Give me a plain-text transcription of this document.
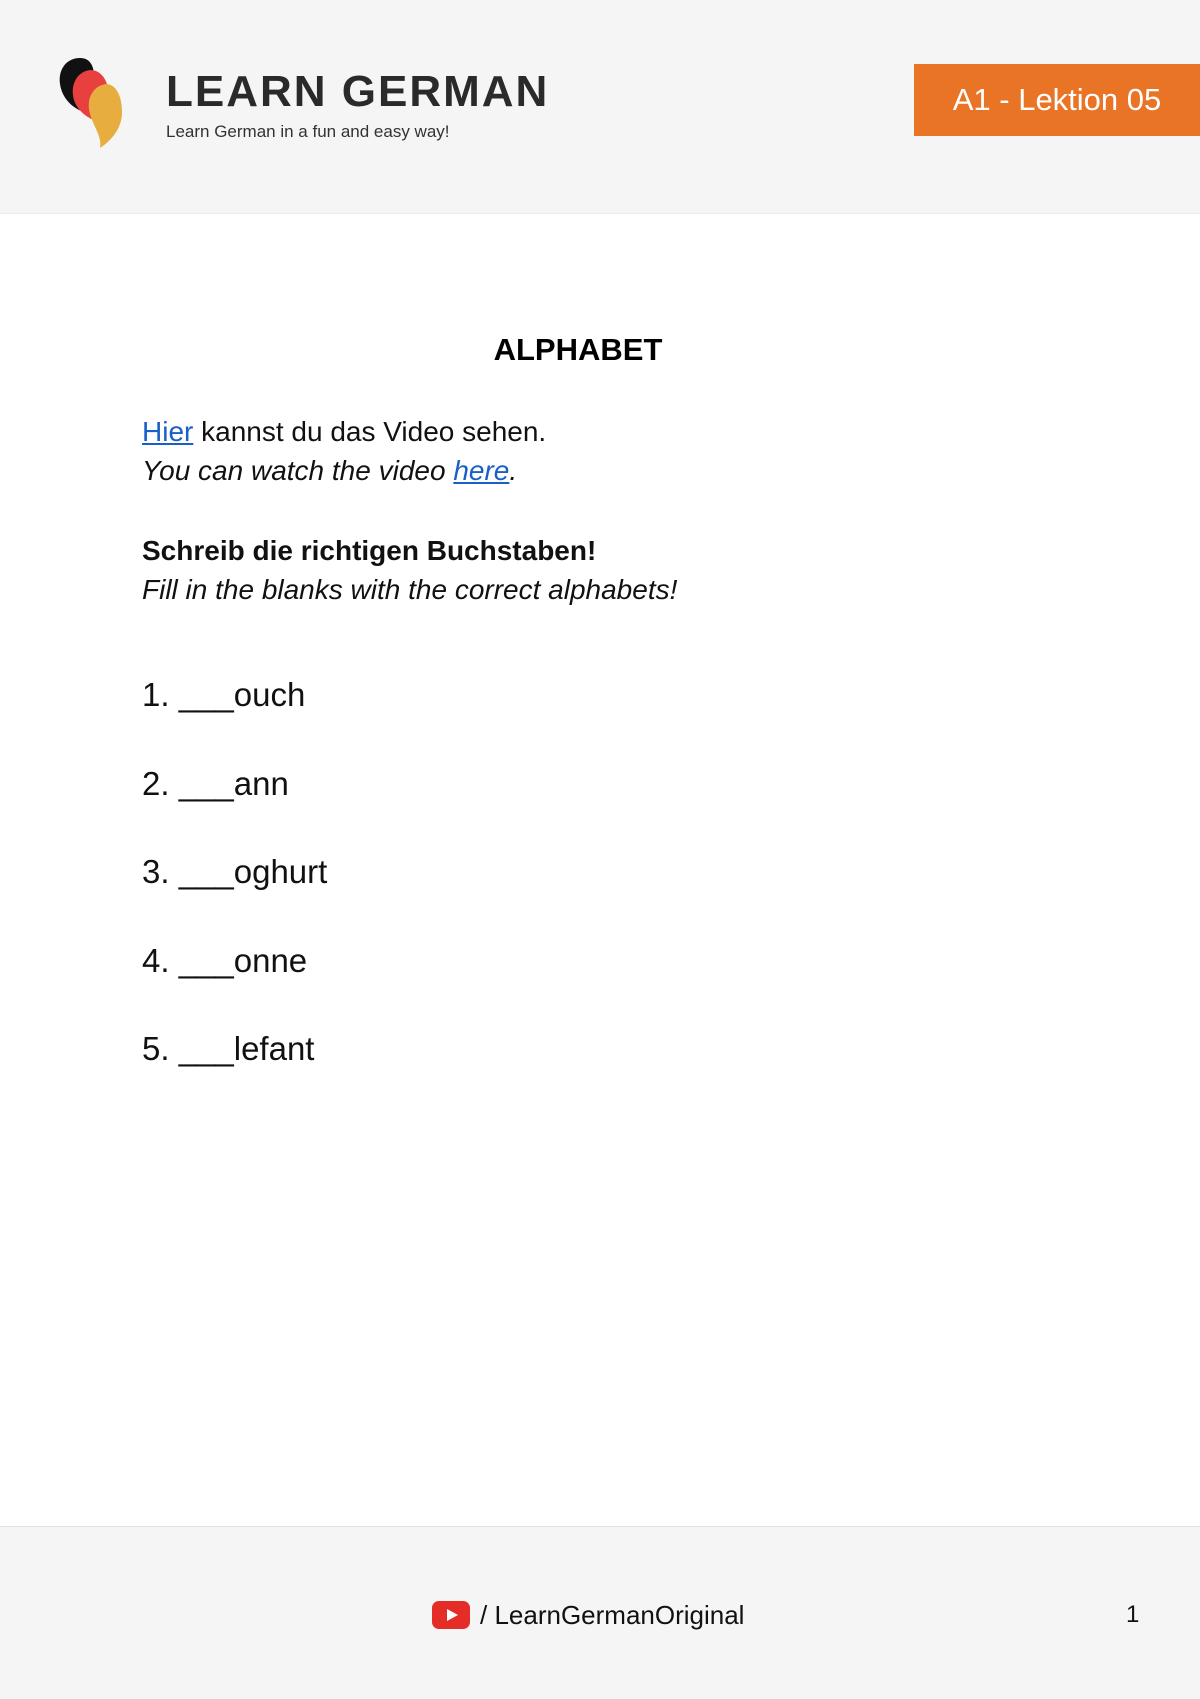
LEARN GERMAN
Learn German in a fun and easy way!
A1 - Lektion 05
ALPHABET
Hier kannst du das Video sehen.
You can watch the video here.
Schreib die richtigen Buchstaben!
Fill in the blanks with the correct alphabets!
1. ___ouch
2. ___ann
3. ___oghurt
4. ___onne
5. ___lefant
/ LearnGermanOriginal	1
